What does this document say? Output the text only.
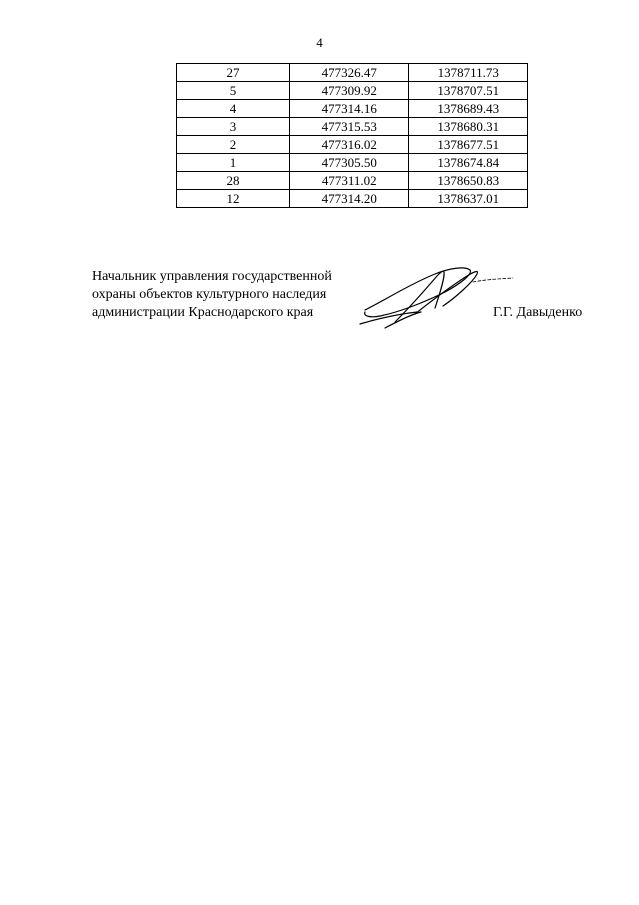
4
27	477326.47	1378711.73
5	477309.92	1378707.51
4	477314.16	1378689.43
3	477315.53	1378680.31
2	477316.02	1378677.51
1	477305.50	1378674.84
28	477311.02	1378650.83
12	477314.20	1378637.01
Начальник управления государственной
охраны объектов культурного наследия
администрации Краснодарского края	Г.Г. Давыденко
